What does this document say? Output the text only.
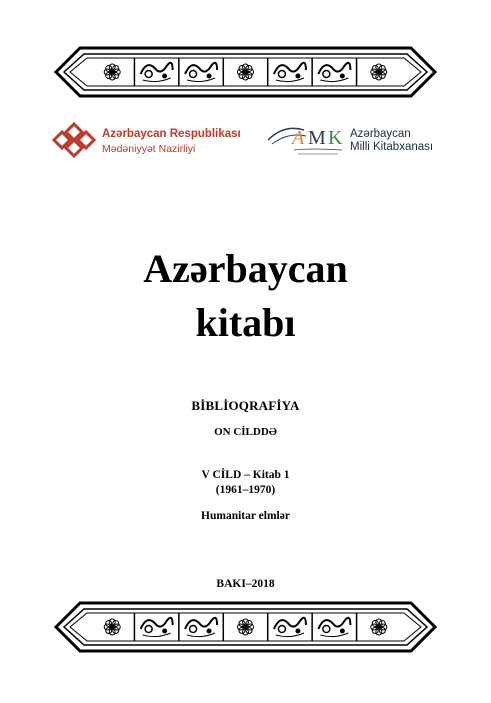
Azərbaycan Respublikası
Mədəniyyət Nazirliyi	A M K Azərbaycan
Milli Kitabxanası
Azərbaycan
kitabı
BİBLİOQRAFİYA
ON CİLDDƏ
V CİLD – Kitab 1
(1961–1970)
Humanitar elmlər
BAKI–2018
